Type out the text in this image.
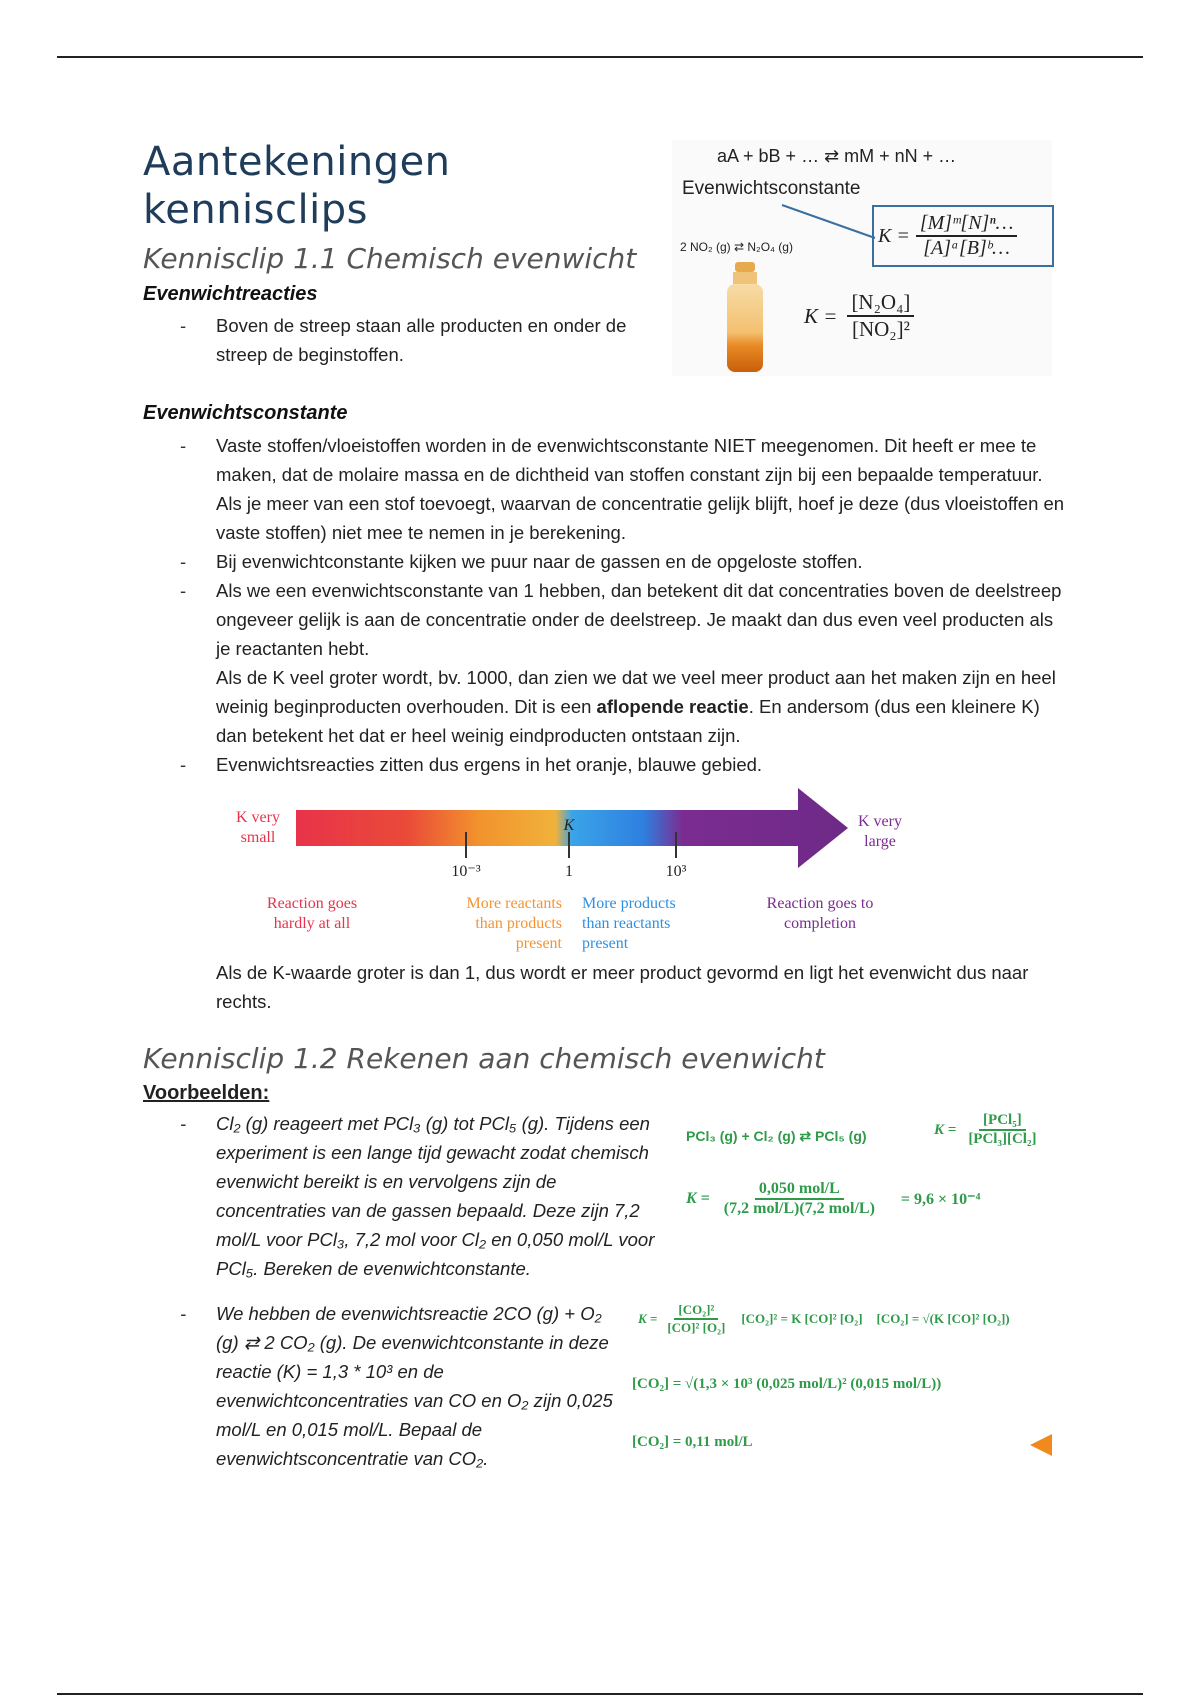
Aantekeningen
kennisclips
Kennisclip 1.1 Chemisch evenwicht
Evenwichtreacties
- Boven de streep staan alle producten en onder de streep de beginstoffen.
aA + bB + … ⇄ mM + nN + …
Evenwichtsconstante
$K = \frac{\text{[M]ᵐ[N]ⁿ…}}{\text{[A]ᵃ[B]ᵇ…}}$
2 NO₂ (g) ⇄ N₂O₄ (g)
$K = \frac{\text{[N₂O₄]}}{\text{[NO₂]²}}$
Evenwichtsconstante
- Vaste stoffen/vloeistoffen worden in de evenwichtsconstante NIET meegenomen. Dit heeft er mee te maken, dat de molaire massa en de dichtheid van stoffen constant zijn bij een bepaalde temperatuur. Als je meer van een stof toevoegt, waarvan de concentratie gelijk blijft, hoef je deze (dus vloeistoffen en vaste stoffen) niet mee te nemen in je berekening.
- Bij evenwichtconstante kijken we puur naar de gassen en de opgeloste stoffen.
- Als we een evenwichtsconstante van 1 hebben, dan betekent dit dat concentraties boven de deelstreep ongeveer gelijk is aan de concentratie onder de deelstreep. Je maakt dan dus even veel producten als je reactanten hebt.
Als de K veel groter wordt, bv. 1000, dan zien we dat we veel meer product aan het maken zijn en heel weinig beginproducten overhouden. Dit is een aflopende reactie. En andersom (dus een kleinere K) dan betekent het dat er heel weinig eindproducten ontstaan zijn.
- Evenwichtsreacties zitten dus ergens in het oranje, blauwe gebied.
K very small
K very large
K
10⁻³	1	10³
Reaction goes hardly at all
More reactants than products present
More products than reactants present
Reaction goes to completion
Als de K-waarde groter is dan 1, dus wordt er meer product gevormd en ligt het evenwicht dus naar rechts.
Kennisclip 1.2 Rekenen aan chemisch evenwicht
Voorbeelden:
- Cl₂ (g) reageert met PCl₃ (g) tot PCl₅ (g). Tijdens een experiment is een lange tijd gewacht zodat chemisch evenwicht bereikt is en vervolgens zijn de concentraties van de gassen bepaald. Deze zijn 7,2 mol/L voor PCl₃, 7,2 mol voor Cl₂ en 0,050 mol/L voor PCl₅. Bereken de evenwichtconstante.
PCl₃ (g) + Cl₂ (g) ⇄ PCl₅ (g)	$K = \frac{\text{[PCl₅]}}{\text{[PCl₃][Cl₂]}}$
$K = \frac{\text{0,050 mol/L}}{\text{(7,2 mol/L)(7,2 mol/L)}} = 9,6 \times 10^{-4}$
- We hebben de evenwichtsreactie 2CO (g) + O₂ (g) ⇄ 2 CO₂ (g). De evenwichtconstante in deze reactie (K) = 1,3 * 10³ en de evenwichtconcentraties van CO en O₂ zijn 0,025 mol/L en 0,015 mol/L. Bepaal de evenwichtsconcentratie van CO₂.
$K = \frac{\text{[CO₂]²}}{\text{[CO]² [O₂]}} [CO_2]^2 = K$ [CO]² [O₂] [CO₂] = √(K [CO]² [O₂])
[CO₂] = √(1,3 × 10³ (0,025 mol/L)² (0,015 mol/L))
[CO₂] = 0,11 mol/L
